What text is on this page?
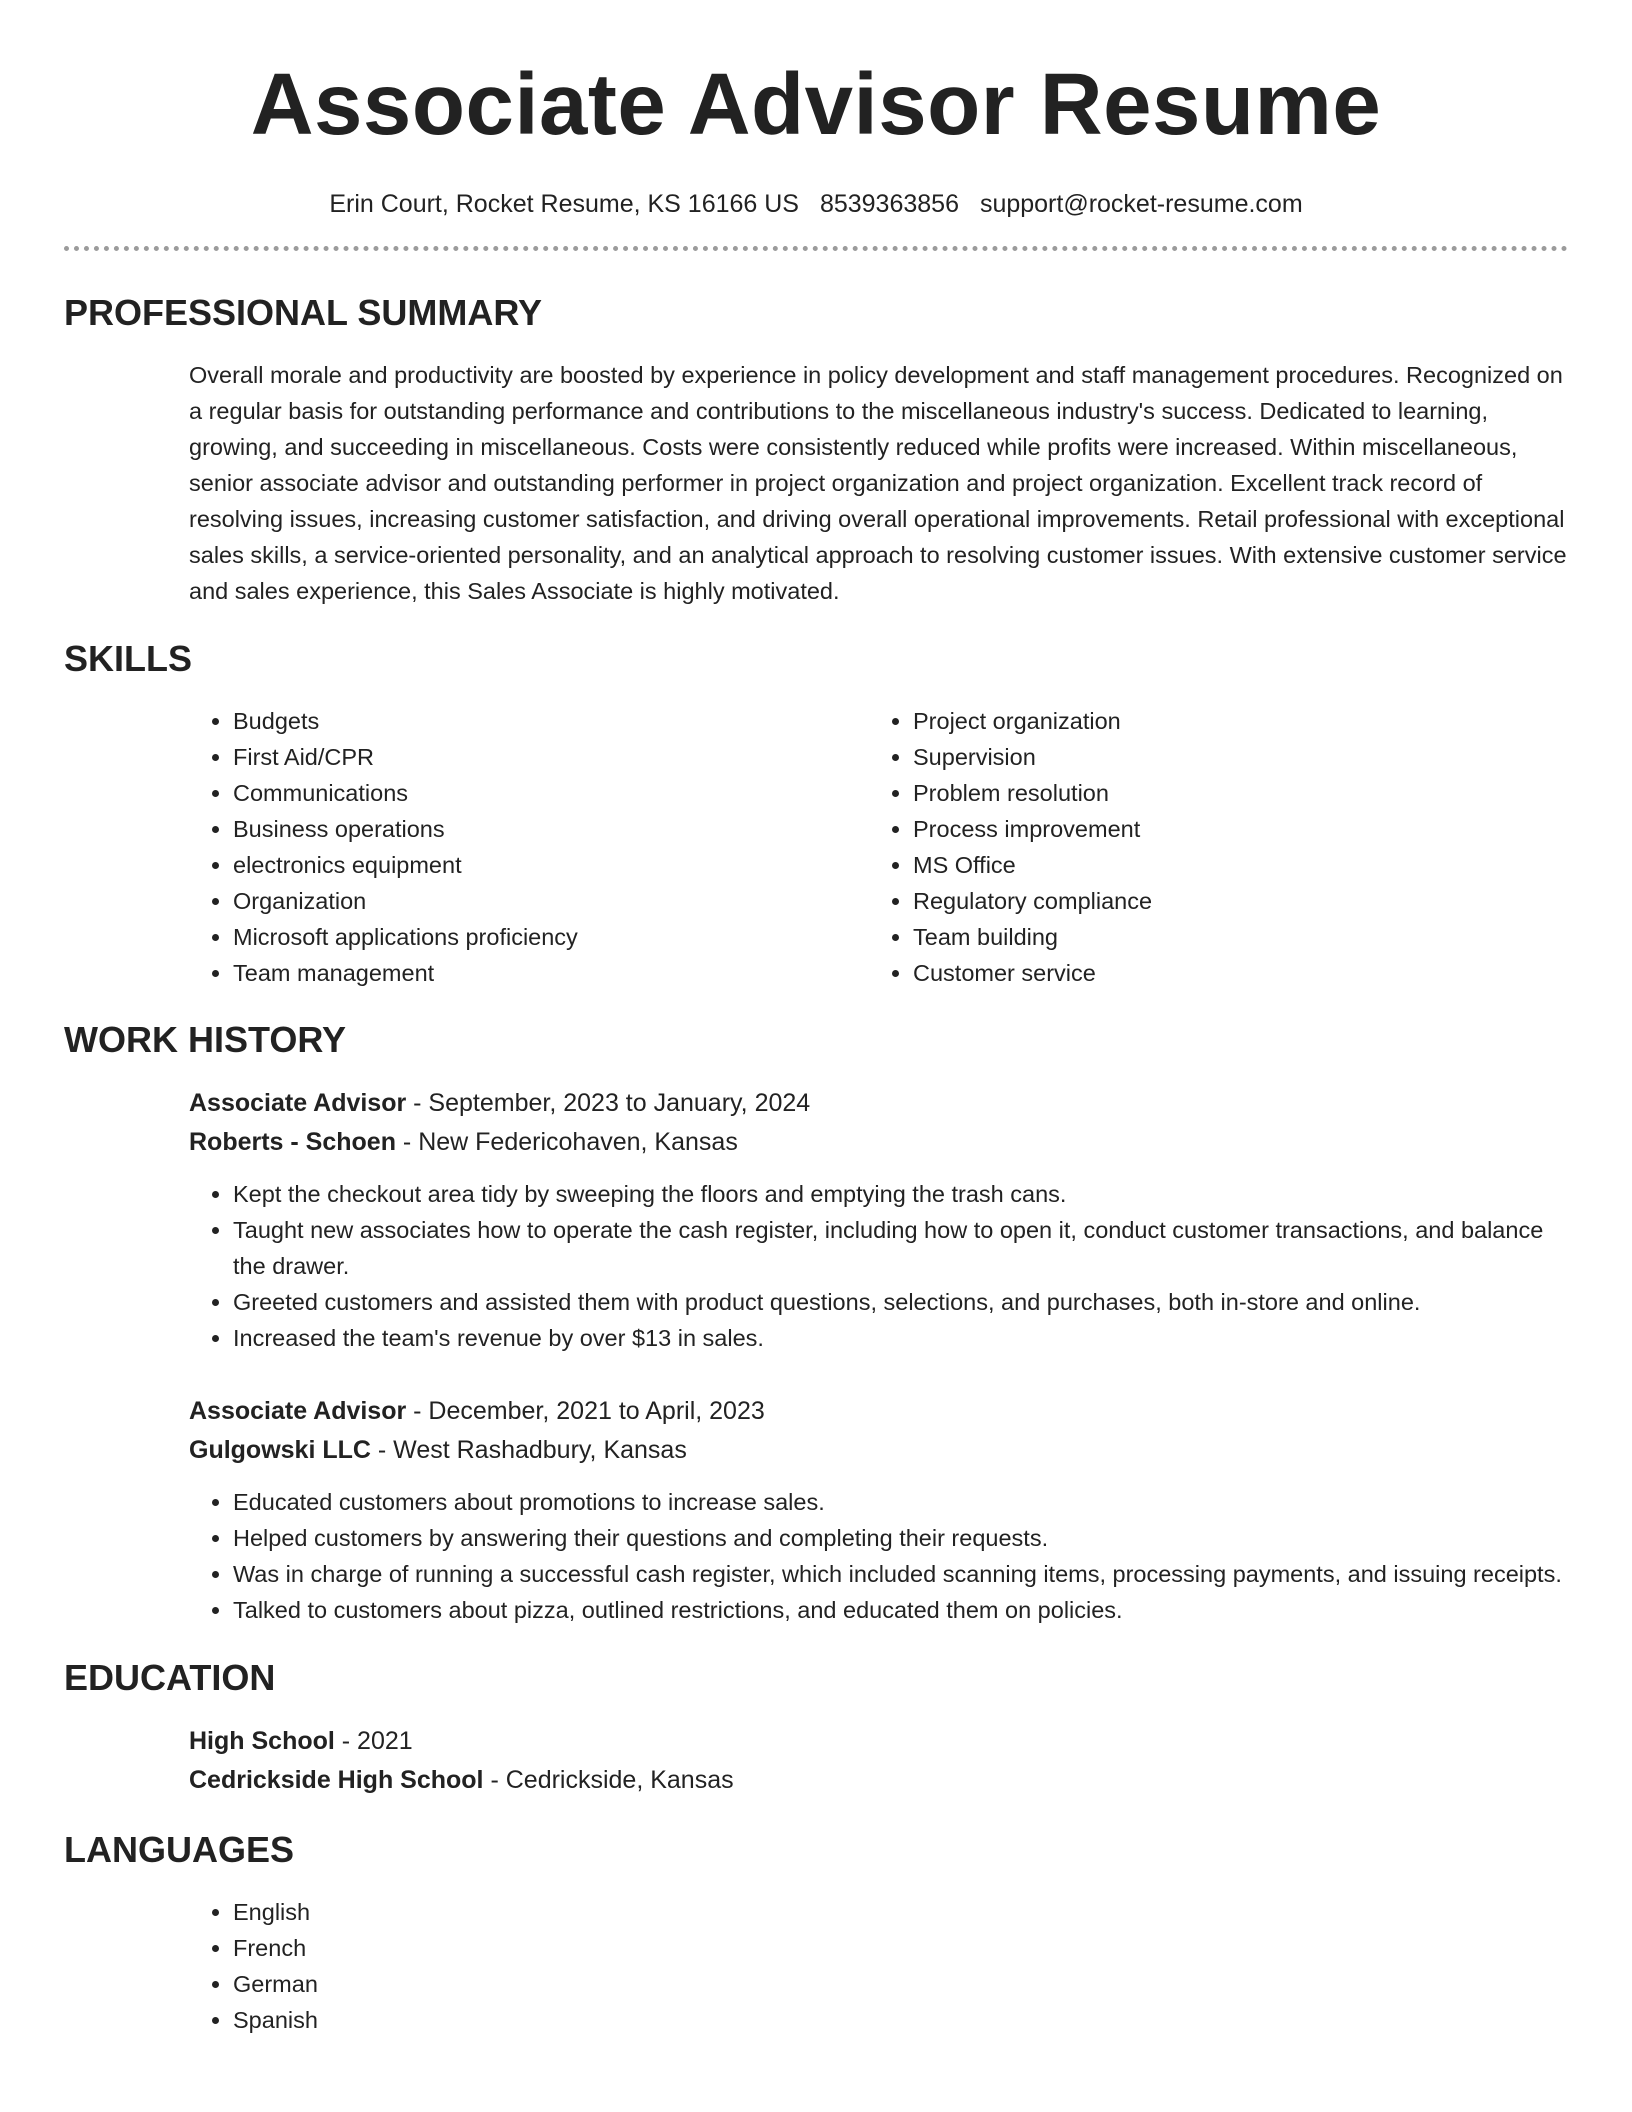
Associate Advisor Resume
Erin Court, Rocket Resume, KS 16166 US 8539363856 support@rocket-resume.com
PROFESSIONAL SUMMARY
Overall morale and productivity are boosted by experience in policy development and staff management procedures. Recognized on a regular basis for outstanding performance and contributions to the miscellaneous industry's success. Dedicated to learning, growing, and succeeding in miscellaneous. Costs were consistently reduced while profits were increased. Within miscellaneous, senior associate advisor and outstanding performer in project organization and project organization. Excellent track record of resolving issues, increasing customer satisfaction, and driving overall operational improvements. Retail professional with exceptional sales skills, a service-oriented personality, and an analytical approach to resolving customer issues. With extensive customer service and sales experience, this Sales Associate is highly motivated.
SKILLS
• Budgets
• First Aid/CPR
• Communications
• Business operations
• electronics equipment
• Organization
• Microsoft applications proficiency
• Team management
• Project organization
• Supervision
• Problem resolution
• Process improvement
• MS Office
• Regulatory compliance
• Team building
• Customer service
WORK HISTORY
Associate Advisor - September, 2023 to January, 2024
Roberts - Schoen - New Federicohaven, Kansas
• Kept the checkout area tidy by sweeping the floors and emptying the trash cans.
• Taught new associates how to operate the cash register, including how to open it, conduct customer transactions, and balance the drawer.
• Greeted customers and assisted them with product questions, selections, and purchases, both in-store and online.
• Increased the team's revenue by over $13 in sales.
Associate Advisor - December, 2021 to April, 2023
Gulgowski LLC - West Rashadbury, Kansas
• Educated customers about promotions to increase sales.
• Helped customers by answering their questions and completing their requests.
• Was in charge of running a successful cash register, which included scanning items, processing payments, and issuing receipts.
• Talked to customers about pizza, outlined restrictions, and educated them on policies.
EDUCATION
High School - 2021
Cedrickside High School - Cedrickside, Kansas
LANGUAGES
• English
• French
• German
• Spanish
